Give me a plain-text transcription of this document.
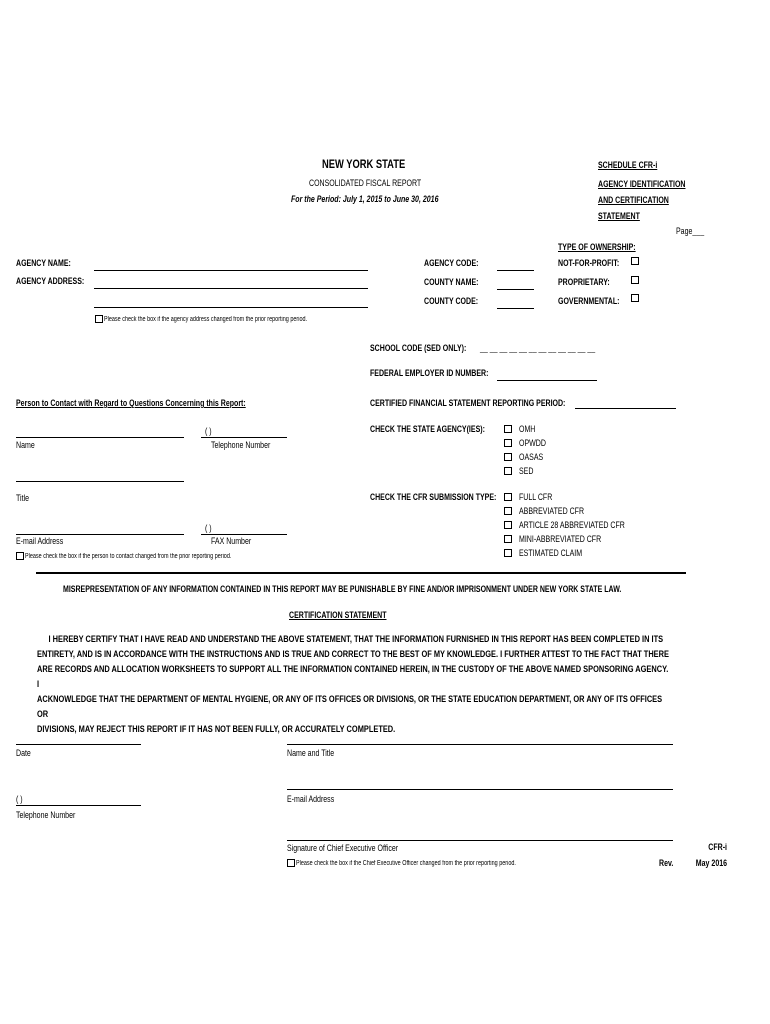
NEW YORK STATE
CONSOLIDATED FISCAL REPORT
For the Period: July 1, 2015 to June 30, 2016
SCHEDULE CFR-i
AGENCY IDENTIFICATION
AND CERTIFICATION
STATEMENT
Page___
TYPE OF OWNERSHIP:
NOT-FOR-PROFIT:
PROPRIETARY:
GOVERNMENTAL:
AGENCY NAME:
AGENCY ADDRESS:
AGENCY CODE:
COUNTY NAME:
COUNTY CODE:
Please check the box if the agency address changed from the prior reporting period.
SCHOOL CODE (SED ONLY): __ __ __ __ __ __ __ __ __ __ __ __
FEDERAL EMPLOYER ID NUMBER:
CERTIFIED FINANCIAL STATEMENT REPORTING PERIOD:
Person to Contact with Regard to Questions Concerning this Report:
( )
Name	Telephone Number
Title
( )
E-mail Address	FAX Number
Please check the box if the person to contact changed from the prior reporting period.
CHECK THE STATE AGENCY(IES):	OMH
OPWDD
OASAS
SED
CHECK THE CFR SUBMISSION TYPE:	FULL CFR
ABBREVIATED CFR
ARTICLE 28 ABBREVIATED CFR
MINI-ABBREVIATED CFR
ESTIMATED CLAIM
MISREPRESENTATION OF ANY INFORMATION CONTAINED IN THIS REPORT MAY BE PUNISHABLE BY FINE AND/OR IMPRISONMENT UNDER NEW YORK STATE LAW.
CERTIFICATION STATEMENT
I HEREBY CERTIFY THAT I HAVE READ AND UNDERSTAND THE ABOVE STATEMENT, THAT THE INFORMATION FURNISHED IN THIS REPORT HAS BEEN COMPLETED IN ITS
ENTIRETY, AND IS IN ACCORDANCE WITH THE INSTRUCTIONS AND IS TRUE AND CORRECT TO THE BEST OF MY KNOWLEDGE. I FURTHER ATTEST TO THE FACT THAT THERE
ARE RECORDS AND ALLOCATION WORKSHEETS TO SUPPORT ALL THE INFORMATION CONTAINED HEREIN, IN THE CUSTODY OF THE ABOVE NAMED SPONSORING AGENCY. I
ACKNOWLEDGE THAT THE DEPARTMENT OF MENTAL HYGIENE, OR ANY OF ITS OFFICES OR DIVISIONS, OR THE STATE EDUCATION DEPARTMENT, OR ANY OF ITS OFFICES OR
DIVISIONS, MAY REJECT THIS REPORT IF IT HAS NOT BEEN FULLY, OR ACCURATELY COMPLETED.
Date	Name and Title
E-mail Address
( )
Telephone Number
Signature of Chief Executive Officer
Please check the box if the Chief Executive Officer changed from the prior reporting period.
CFR-i
Rev.	May 2016
